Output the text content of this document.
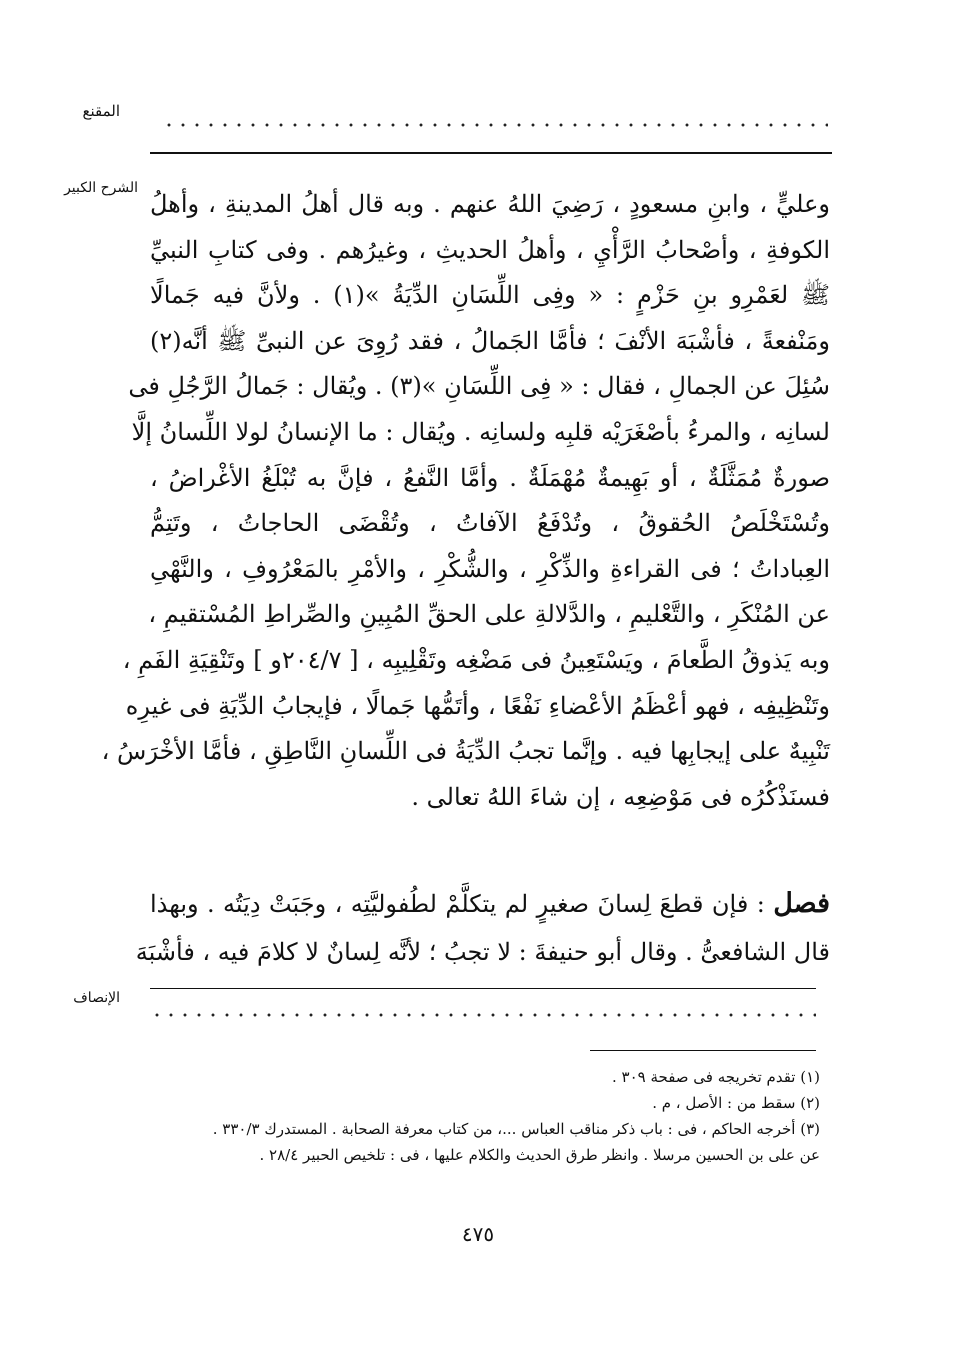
المقنع
الشرح الكبير
وعليٍّ ، وابنِ مسعودٍ ، رَضِيَ اللهُ عنهم . وبه قال أهلُ المدينةِ ، وأهلُ
الكوفةِ ، وأصْحابُ الرَّأْيِ ، وأهلُ الحديثِ ، وغيرُهم . وفى كتابِ النبيِّ
ﷺ لعَمْرِو بنِ حَزْمٍ : « وفِى اللِّسَانِ الدِّيَةُ »(١) . ولأنَّ فيه جَمالًا
ومَنْفعةً ، فأشْبَهَ الأنْفَ ؛ فأمَّا الجَمالُ ، فقد رُوِىَ عن النبىِّ ﷺ أنَّه(٢)
سُئِلَ عن الجمالِ ، فقال : « فِى اللِّسَانِ »(٣) . ويُقال : جَمالُ الرَّجُلِ فى
لسانِه ، والمرءُ بأصْغَرَيْه قلبِه ولسانِه . ويُقال : ما الإنسانُ لولا اللِّسانُ إلَّا
صورةٌ مُمَثَّلَةٌ ، أو بَهِيمةٌ مُهْمَلَةٌ . وأمَّا النَّفعُ ، فإنَّ به تُبْلَغُ الأغْراضُ ،
وتُسْتَخْلَصُ الحُقوقُ ، وتُدْفَعُ الآفاتُ ، وتُقْضَى الحاجاتُ ، وتَتِمُّ
العِباداتُ ؛ فى القراءةِ والذِّكْرِ ، والشُّكْرِ ، والأمْرِ بالمَعْرُوفِ ، والنَّهْىِ
عن المُنْكَرِ ، والتَّعْليمِ ، والدَّلالةِ على الحقِّ المُبِينِ والصِّراطِ المُسْتقيمِ ،
وبه يَذوقُ الطَّعامَ ، ويَسْتَعِينُ فى مَضْغِه وتَقْلِيبِه ، [ ٢٠٤/٧و ] وتَنْقِيَةِ الفَمِ ،
وتَنْظِيفِه ، فهو أعْظَمُ الأعْضاءِ نَفْعًا ، وأتَمُّها جَمالًا ، فإيجابُ الدِّيَةِ فى غيرِه
تَنْبِيهٌ على إيجابِها فيه . وإنَّما تجبُ الدِّيَةُ فى اللِّسانِ النَّاطِقِ ، فأمَّا الأخْرَسُ ،
فسنَذْكُرُه فى مَوْضِعِه ، إن شاءَ اللهُ تعالى .
فصل : فإن قطعَ لِسانَ صغيرٍ لم يتكلَّمْ لطُفوليَّتِه ، وجَبَتْ دِيَتُه . وبهذا
قال الشافعىُّ . وقال أبو حنيفةَ : لا تجبُ ؛ لأنَّه لِسانٌ لا كلامَ فيه ، فأشْبَهَ
الإنصاف
(١) تقدم تخريجه فى صفحة ٣٠٩ .
(٢) سقط من : الأصل ، م .
(٣) أخرجه الحاكم ، فى : باب ذكر مناقب العباس ...، من كتاب معرفة الصحابة . المستدرك ٣٣٠/٣ .
عن على بن الحسين مرسلا . وانظر طرق الحديث والكلام عليها ، فى : تلخيص الحبير ٢٨/٤ .
٤٧٥
